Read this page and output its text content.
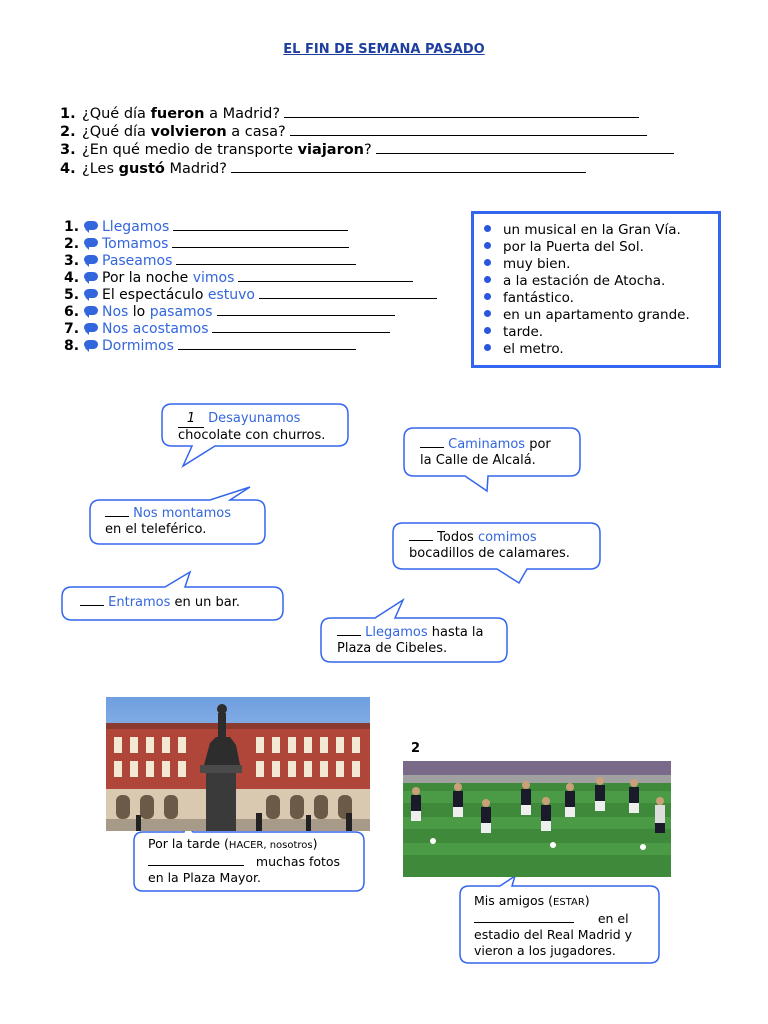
EL FIN DE SEMANA PASADO
1. ¿Qué día fueron a Madrid?
2. ¿Qué día volvieron a casa?
3. ¿En qué medio de transporte viajaron?
4. ¿Les gustó Madrid?
1. Llegamos
2. Tomamos
3. Paseamos
4. Por la noche vimos
5. El espectáculo estuvo
6. Nos lo pasamos
7. Nos acostamos
8. Dormimos
un musical en la Gran Vía.
por la Puerta del Sol.
muy bien.
a la estación de Atocha.
fantástico.
en un apartamento grande.
tarde.
el metro.
1 Desayunamos
chocolate con churros.
Caminamos por
la Calle de Alcalá.
Nos montamos
en el teleférico.
Todos comimos
bocadillos de calamares.
Entramos en un bar.
Llegamos hasta la
Plaza de Cibeles.
Por la tarde (HACER, nosotros)
muchas fotos
en la Plaza Mayor.
2
Mis amigos (ESTAR)
en el
estadio del Real Madrid y
vieron a los jugadores.
